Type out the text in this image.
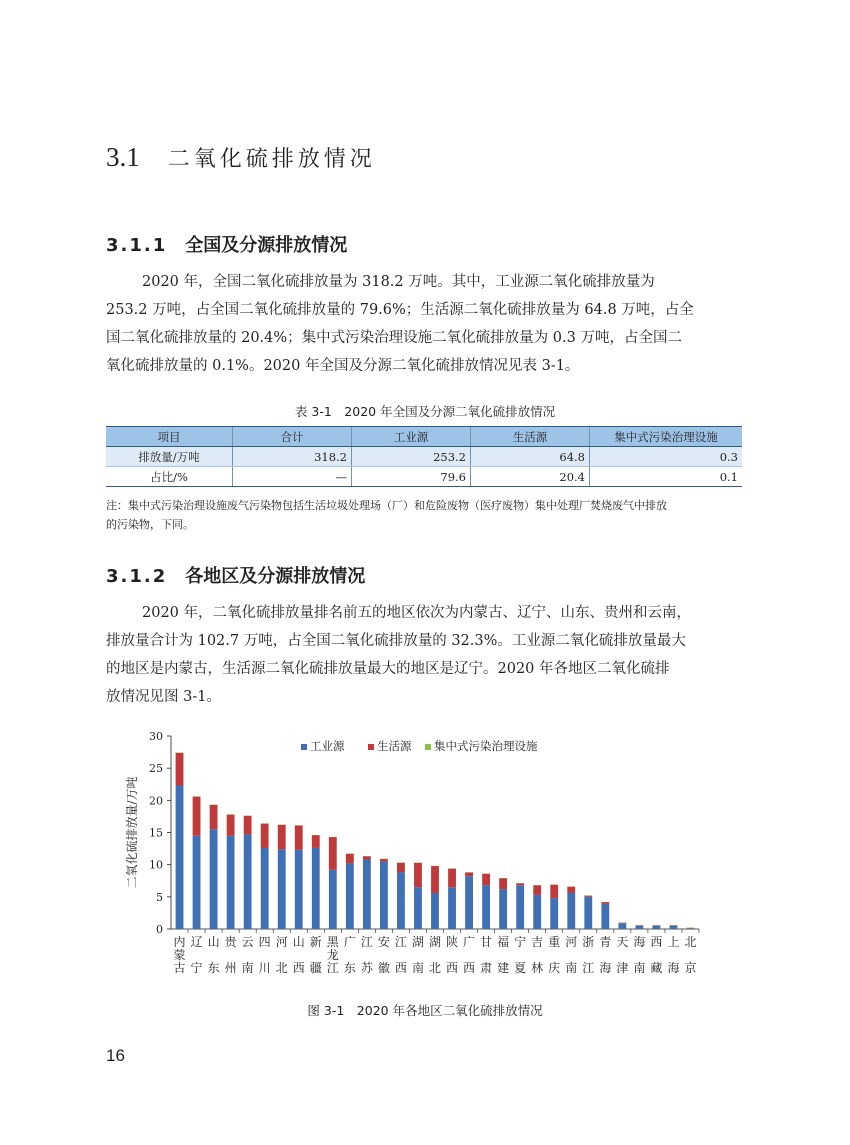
3.1 二氧化硫排放情况
3.1.1 全国及分源排放情况
2020 年，全国二氧化硫排放量为 318.2 万吨。其中，工业源二氧化硫排放量为
253.2 万吨，占全国二氧化硫排放量的 79.6%；生活源二氧化硫排放量为 64.8 万吨，占全
国二氧化硫排放量的 20.4%；集中式污染治理设施二氧化硫排放量为 0.3 万吨，占全国二
氧化硫排放量的 0.1%。2020 年全国及分源二氧化硫排放情况见表 3-1。
表 3-1　2020 年全国及分源二氧化硫排放情况
项目	合计	工业源	生活源	集中式污染治理设施
排放量/万吨	318.2	253.2	64.8	0.3
占比/%	—	79.6	20.4	0.1
注：集中式污染治理设施废气污染物包括生活垃圾处理场（厂）和危险废物（医疗废物）集中处理厂焚烧废气中排放
的污染物，下同。
3.1.2 各地区及分源排放情况
2020 年，二氧化硫排放量排名前五的地区依次为内蒙古、辽宁、山东、贵州和云南，
排放量合计为 102.7 万吨，占全国二氧化硫排放量的 32.3%。工业源二氧化硫排放量最大
的地区是内蒙古，生活源二氧化硫排放量最大的地区是辽宁。2020 年各地区二氧化硫排
放情况见图 3-1。
二氧化硫排放量/万吨
0
5
10
15
20
25
30
工业源	生活源 集中式污染治理设施
内蒙古
辽宁
山东
贵州
云南
四川
河北
山西
新疆
黑龙江
广东
江苏
安徽
江西
湖南
湖北
陕西
广西
甘肃
福建
宁夏
吉林
重庆
河南
浙江
青海
天津
海南
西藏
上海
北京
图 3-1　2020 年各地区二氧化硫排放情况
16
